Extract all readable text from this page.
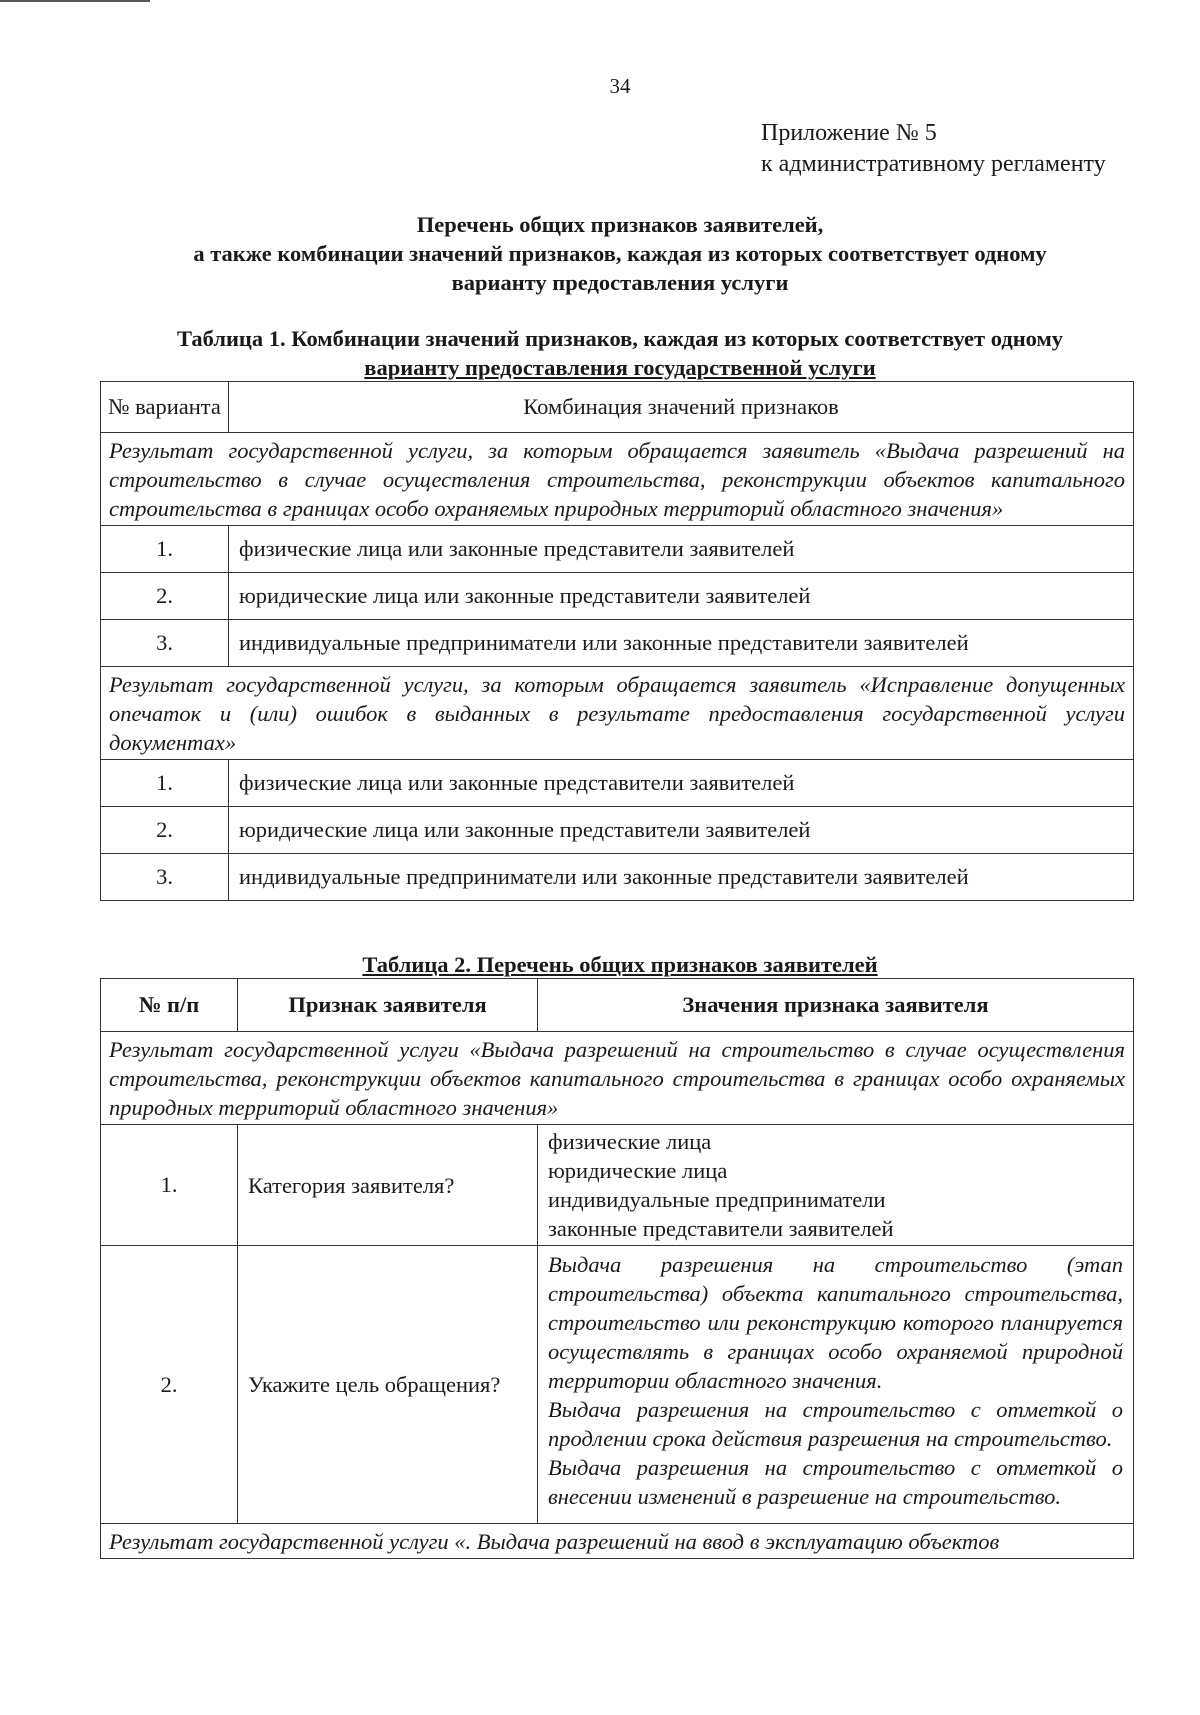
34
Приложение № 5
к административному регламенту
Перечень общих признаков заявителей,
а также комбинации значений признаков, каждая из которых соответствует одному
варианту предоставления услуги
Таблица 1. Комбинации значений признаков, каждая из которых соответствует одному
варианту предоставления государственной услуги
№ варианта	Комбинация значений признаков
Результат государственной услуги, за которым обращается заявитель «Выдача разрешений на строительство в случае осуществления строительства, реконструкции объектов капитального строительства в границах особо охраняемых природных территорий областного значения»	
1.	физические лица или законные представители заявителей
2.	юридические лица или законные представители заявителей
3.	индивидуальные предприниматели или законные представители заявителей
Результат государственной услуги, за которым обращается заявитель «Исправление допущенных опечаток и (или) ошибок в выданных в результате предоставления государственной услуги документах»	
1.	физические лица или законные представители заявителей
2.	юридические лица или законные представители заявителей
3.	индивидуальные предприниматели или законные представители заявителей
Таблица 2. Перечень общих признаков заявителей
№ п/п	Признак заявителя	Значения признака заявителя
Результат государственной услуги «Выдача разрешений на строительство в случае осуществления строительства, реконструкции объектов капитального строительства в границах особо охраняемых природных территорий областного значения»		
1.	Категория заявителя?	физические лица
юридические лица
индивидуальные предприниматели
законные представители заявителей

2.	Укажите цель обращения?	Выдача разрешения на строительство (этап строительства) объекта капитального строительства, строительство или реконструкцию которого планируется осуществлять в границах особо охраняемой природной территории областного значения.
Выдача разрешения на строительство с отметкой о продлении срока действия разрешения на строительство.
Выдача разрешения на строительство с отметкой о внесении изменений в разрешение на строительство.

Результат государственной услуги «. Выдача разрешений на ввод в эксплуатацию объектов		
